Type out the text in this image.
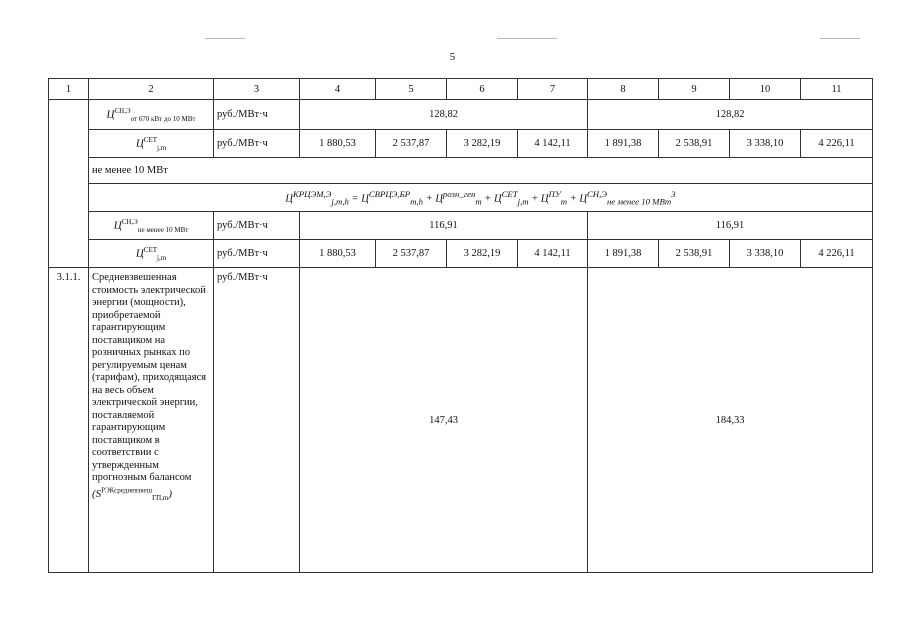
5
1	2	3	4	5	6	7	8	9	10	11
	$Ц^{СН,Э}_{от 670 кВт до 10 МВт}$	руб./МВт·ч	128,82				128,82			
	$Ц^{СЕТ}_{j,m}$	руб./МВт·ч	1 880,53	2 537,87	3 282,19	4 142,11	1 891,38	2 538,91	3 338,10	4 226,11
	не менее 10 МВт									
	$Ц^{КРЦЭМ,Э}_{j,m,h} = Ц^{СВРЦЭ,БР}_{m,h} + Ц^{розн\_ген}_m + Ц^{СЕТ}_{j,m} + Ц^{ПУ}_m + Ц^{СН,Э}_{не менее 10 МВт}^3$
	$Ц^{СН,Э}_{не менее 10 МВт}$	руб./МВт·ч	116,91				116,91			
	$Ц^{СЕТ}_{j,m}$	руб./МВт·ч	1 880,53	2 537,87	3 282,19	4 142,11	1 891,38	2 538,91	3 338,10	4 226,11
3.1.1.	Средневзвешенная стоимость электрической энергии (мощности), приобретаемой гарантирующим поставщиком на розничных рынках по регулируемым ценам (тарифам), приходящаяся на весь объем электрической энергии, поставляемой гарантирующим поставщиком в соответствии с утвержденным прогнозным балансом $(S^{РЭКсредневзвеш}_{ГП,m})$	руб./МВт·ч	147,43				184,33			
